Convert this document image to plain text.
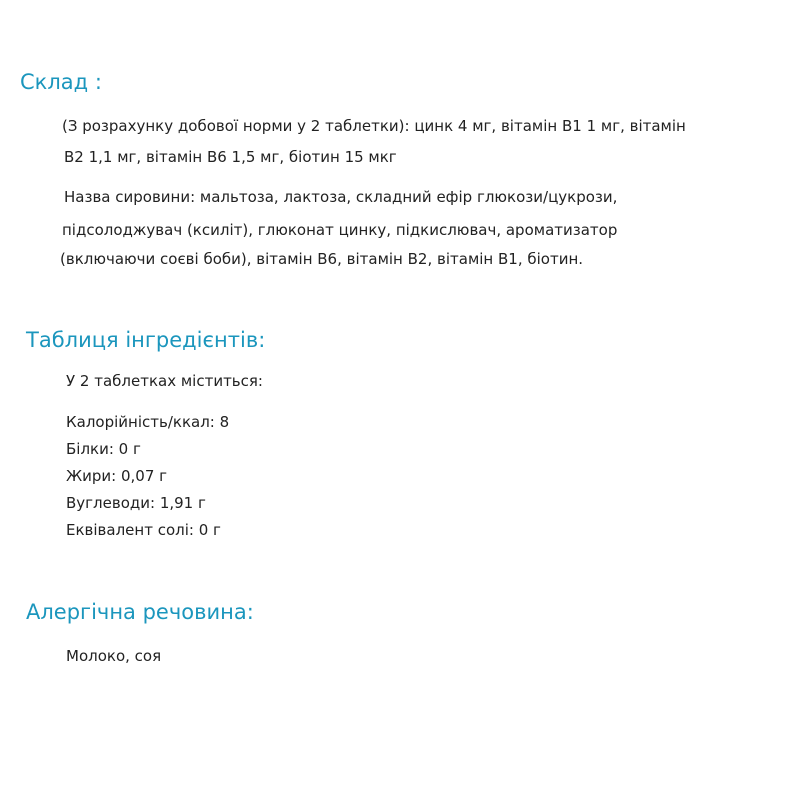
Склад :

(З розрахунку добової норми у 2 таблетки): цинк 4 мг, вітамін B1 1 мг, вітамін

B2 1,1 мг, вітамін B6 1,5 мг, біотин 15 мкг

Назва сировини: мальтоза, лактоза, складний ефір глюкози/цукрози,

підсолоджувач (ксиліт), глюконат цинку, підкислювач, ароматизатор

(включаючи соєві боби), вітамін B6, вітамін B2, вітамін B1, біотин.

Таблиця інгредієнтів:

У 2 таблетках міститься:

Калорійність/ккал: 8

Білки: 0 г

Жири: 0,07 г

Вуглеводи: 1,91 г

Еквівалент солі: 0 г

Алергічна речовина:

Молоко, соя
